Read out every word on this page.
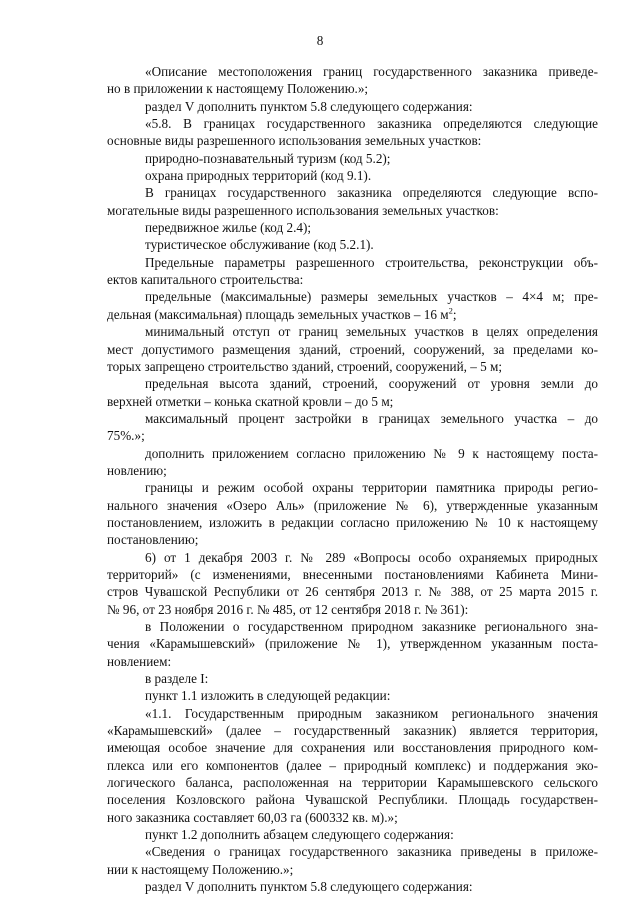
8
«Описание местоположения границ государственного заказника приведе-
но в приложении к настоящему Положению.»;
раздел V дополнить пунктом 5.8 следующего содержания:
«5.8. В границах государственного заказника определяются следующие
основные виды разрешенного использования земельных участков:
природно-познавательный туризм (код 5.2);
охрана природных территорий (код 9.1).
В границах государственного заказника определяются следующие вспо-
могательные виды разрешенного использования земельных участков:
передвижное жилье (код 2.4);
туристическое обслуживание (код 5.2.1).
Предельные параметры разрешенного строительства, реконструкции объ-
ектов капитального строительства:
предельные (максимальные) размеры земельных участков – 4×4 м; пре-
дельная (максимальная) площадь земельных участков – 16 $м^2$;
минимальный отступ от границ земельных участков в целях определения
мест допустимого размещения зданий, строений, сооружений, за пределами ко-
торых запрещено строительство зданий, строений, сооружений, – 5 м;
предельная высота зданий, строений, сооружений от уровня земли до
верхней отметки – конька скатной кровли – до 5 м;
максимальный процент застройки в границах земельного участка – до
75%.»;
дополнить приложением согласно приложению № 9 к настоящему поста-
новлению;
границы и режим особой охраны территории памятника природы регио-
нального значения «Озеро Аль» (приложение № 6), утвержденные указанным
постановлением, изложить в редакции согласно приложению № 10 к настоящему
постановлению;
6) от 1 декабря 2003 г. № 289 «Вопросы особо охраняемых природных
территорий» (с изменениями, внесенными постановлениями Кабинета Мини-
стров Чувашской Республики от 26 сентября 2013 г. № 388, от 25 марта 2015 г.
№ 96, от 23 ноября 2016 г. № 485, от 12 сентября 2018 г. № 361):
в Положении о государственном природном заказнике регионального зна-
чения «Карамышевский» (приложение № 1), утвержденном указанным поста-
новлением:
в разделе I:
пункт 1.1 изложить в следующей редакции:
«1.1. Государственным природным заказником регионального значения
«Карамышевский» (далее – государственный заказник) является территория,
имеющая особое значение для сохранения или восстановления природного ком-
плекса или его компонентов (далее – природный комплекс) и поддержания эко-
логического баланса, расположенная на территории Карамышевского сельского
поселения Козловского района Чувашской Республики. Площадь государствен-
ного заказника составляет 60,03 га (600332 кв. м).»;
пункт 1.2 дополнить абзацем следующего содержания:
«Сведения о границах государственного заказника приведены в приложе-
нии к настоящему Положению.»;
раздел V дополнить пунктом 5.8 следующего содержания:
